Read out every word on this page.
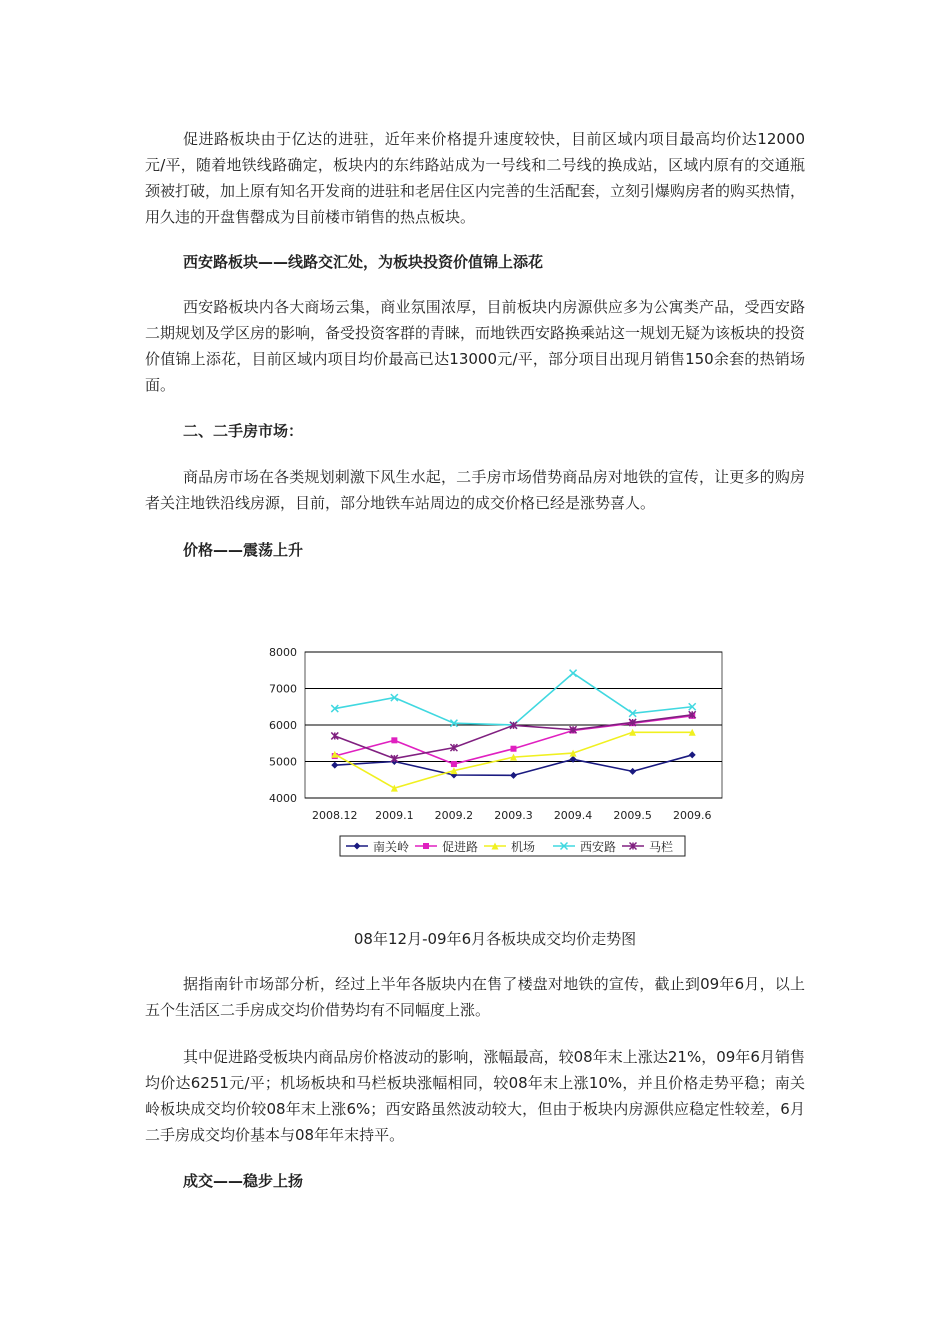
促进路板块由于亿达的进驻，近年来价格提升速度较快，目前区域内项目最高均价达12000元/平，随着地铁线路确定，板块内的东纬路站成为一号线和二号线的换成站，区域内原有的交通瓶颈被打破，加上原有知名开发商的进驻和老居住区内完善的生活配套，立刻引爆购房者的购买热情，用久违的开盘售罄成为目前楼市销售的热点板块。

西安路板块——线路交汇处，为板块投资价值锦上添花

西安路板块内各大商场云集，商业氛围浓厚，目前板块内房源供应多为公寓类产品，受西安路二期规划及学区房的影响，备受投资客群的青睐，而地铁西安路换乘站这一规划无疑为该板块的投资价值锦上添花，目前区域内项目均价最高已达13000元/平，部分项目出现月销售150余套的热销场面。

二、二手房市场：

商品房市场在各类规划刺激下风生水起，二手房市场借势商品房对地铁的宣传，让更多的购房者关注地铁沿线房源，目前，部分地铁车站周边的成交价格已经是涨势喜人。

价格——震荡上升

8000
7000
6000
5000
4000
2008.12 2009.1 2009.2 2009.3 2009.4 2009.5 2009.6
南关岭	促进路	机场	西安路	马栏

08年12月-09年6月各板块成交均价走势图

据指南针市场部分析，经过上半年各版块内在售了楼盘对地铁的宣传，截止到09年6月，以上五个生活区二手房成交均价借势均有不同幅度上涨。

其中促进路受板块内商品房价格波动的影响，涨幅最高，较08年末上涨达21%，09年6月销售均价达6251元/平；机场板块和马栏板块涨幅相同，较08年末上涨10%，并且价格走势平稳；南关岭板块成交均价较08年末上涨6%；西安路虽然波动较大，但由于板块内房源供应稳定性较差，6月二手房成交均价基本与08年年末持平。

成交——稳步上扬
